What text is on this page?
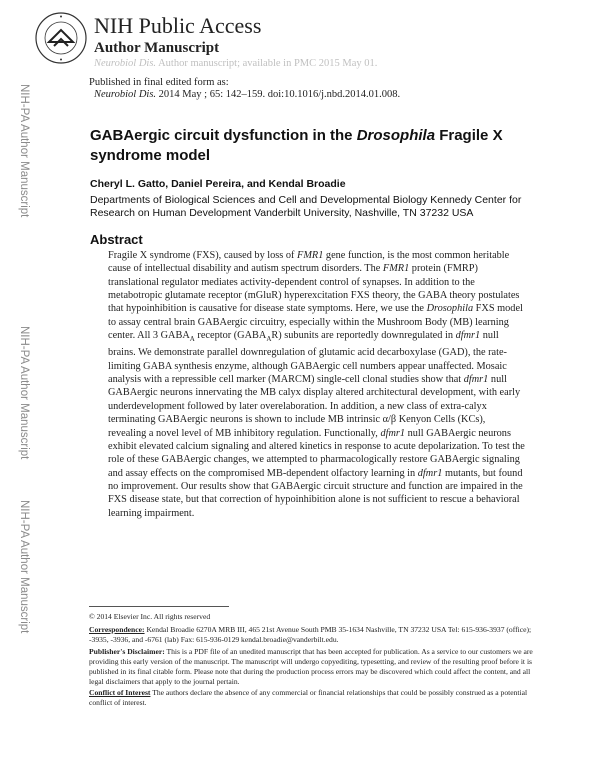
NIH Public Access
Author Manuscript
Neurobiol Dis. Author manuscript; available in PMC 2015 May 01.
Published in final edited form as:
Neurobiol Dis. 2014 May ; 65: 142–159. doi:10.1016/j.nbd.2014.01.008.
NIH-PA Author Manuscript
NIH-PA Author Manuscript
NIH-PA Author Manuscript
GABAergic circuit dysfunction in the Drosophila Fragile X syndrome model
Cheryl L. Gatto, Daniel Pereira, and Kendal Broadie
Departments of Biological Sciences and Cell and Developmental Biology Kennedy Center for Research on Human Development Vanderbilt University, Nashville, TN 37232 USA
Abstract
Fragile X syndrome (FXS), caused by loss of FMR1 gene function, is the most common heritable cause of intellectual disability and autism spectrum disorders. The FMR1 protein (FMRP) translational regulator mediates activity-dependent control of synapses. In addition to the metabotropic glutamate receptor (mGluR) hyperexcitation FXS theory, the GABA theory postulates that hypoinhibition is causative for disease state symptoms. Here, we use the Drosophila FXS model to assay central brain GABAergic circuitry, especially within the Mushroom Body (MB) learning center. All 3 $GABA_A$ receptor $(GABA_AR)$ subunits are reportedly downregulated in dfmr1 null brains. We demonstrate parallel downregulation of glutamic acid decarboxylase (GAD), the rate-limiting GABA synthesis enzyme, although GABAergic cell numbers appear unaffected. Mosaic analysis with a repressible cell marker (MARCM) single-cell clonal studies show that dfmr1 null GABAergic neurons innervating the MB calyx display altered architectural development, with early underdevelopment followed by later overelaboration. In addition, a new class of extra-calyx terminating GABAergic neurons is shown to include MB intrinsic α/β Kenyon Cells (KCs), revealing a novel level of MB inhibitory regulation. Functionally, dfmr1 null GABAergic neurons exhibit elevated calcium signaling and altered kinetics in response to acute depolarization. To test the role of these GABAergic changes, we attempted to pharmacologically restore GABAergic signaling and assay effects on the compromised MB-dependent olfactory learning in dfmr1 mutants, but found no improvement. Our results show that GABAergic circuit structure and function are impaired in the FXS disease state, but that correction of hypoinhibition alone is not sufficient to rescue a behavioral learning impairment.
© 2014 Elsevier Inc. All rights reserved
Correspondence: Kendal Broadie 6270A MRB III, 465 21st Avenue South PMB 35-1634 Nashville, TN 37232 USA Tel: 615-936-3937 (office); -3935, -3936, and -6761 (lab) Fax: 615-936-0129 kendal.broadie@vanderbilt.edu.
Publisher's Disclaimer: This is a PDF file of an unedited manuscript that has been accepted for publication. As a service to our customers we are providing this early version of the manuscript. The manuscript will undergo copyediting, typesetting, and review of the resulting proof before it is published in its final citable form. Please note that during the production process errors may be discovered which could affect the content, and all legal disclaimers that apply to the journal pertain.
Conflict of Interest The authors declare the absence of any commercial or financial relationships that could be possibly construed as a potential conflict of interest.
